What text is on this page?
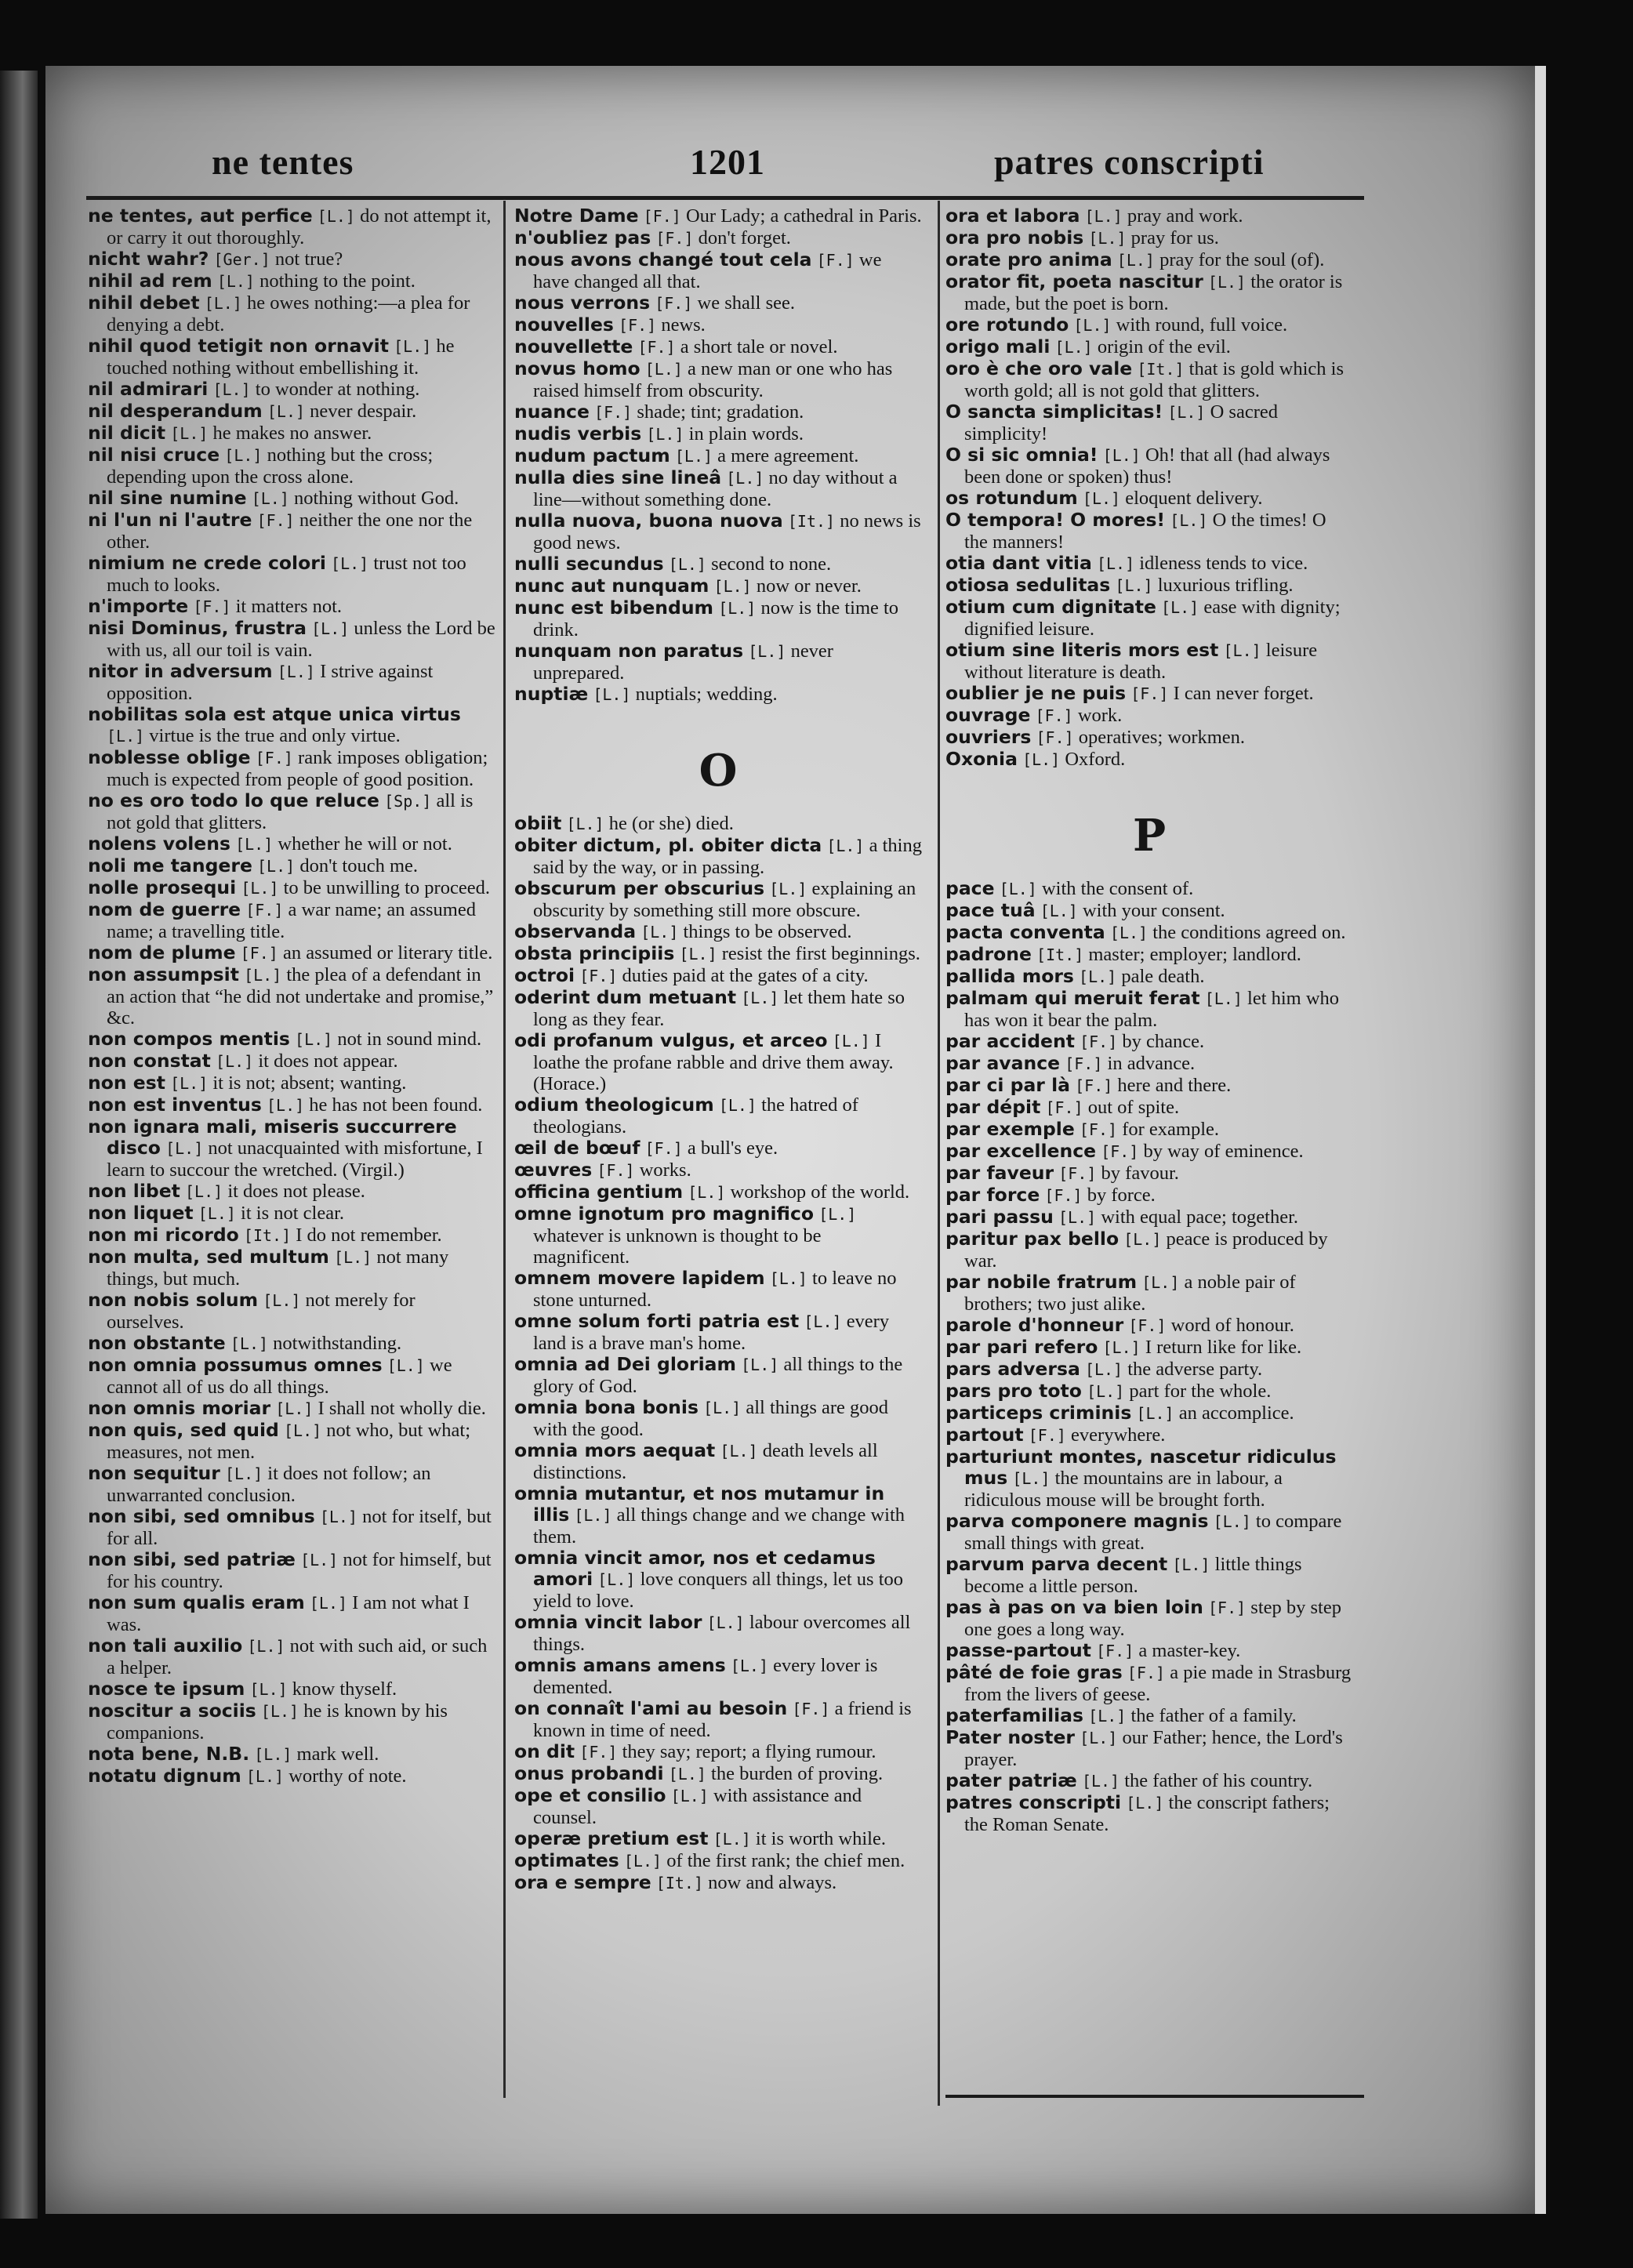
ne tentes	1201	patres conscripti

ne tentes, aut perfice [L.] do not attempt it, or carry it out thoroughly.

nicht wahr? [Ger.] not true?

nihil ad rem [L.] nothing to the point.

nihil debet [L.] he owes nothing:—a plea for denying a debt.

nihil quod tetigit non ornavit [L.] he touched nothing without embellishing it.

nil admirari [L.] to wonder at nothing.

nil desperandum [L.] never despair.

nil dicit [L.] he makes no answer.

nil nisi cruce [L.] nothing but the cross; depending upon the cross alone.

nil sine numine [L.] nothing without God.

ni l'un ni l'autre [F.] neither the one nor the other.

nimium ne crede colori [L.] trust not too much to looks.

n'importe [F.] it matters not.

nisi Dominus, frustra [L.] unless the Lord be with us, all our toil is vain.

nitor in adversum [L.] I strive against opposition.

nobilitas sola est atque unica virtus [L.] virtue is the true and only virtue.

noblesse oblige [F.] rank imposes obligation; much is expected from people of good position.

no es oro todo lo que reluce [Sp.] all is not gold that glitters.

nolens volens [L.] whether he will or not.

noli me tangere [L.] don't touch me.

nolle prosequi [L.] to be unwilling to proceed.

nom de guerre [F.] a war name; an assumed name; a travelling title.

nom de plume [F.] an assumed or literary title.

non assumpsit [L.] the plea of a defendant in an action that “he did not undertake and promise,” &c.

non compos mentis [L.] not in sound mind.

non constat [L.] it does not appear.

non est [L.] it is not; absent; wanting.

non est inventus [L.] he has not been found.

non ignara mali, miseris succurrere disco [L.] not unacquainted with misfortune, I learn to succour the wretched. (Virgil.)

non libet [L.] it does not please.

non liquet [L.] it is not clear.

non mi ricordo [It.] I do not remember.

non multa, sed multum [L.] not many things, but much.

non nobis solum [L.] not merely for ourselves.

non obstante [L.] notwithstanding.

non omnia possumus omnes [L.] we cannot all of us do all things.

non omnis moriar [L.] I shall not wholly die.

non quis, sed quid [L.] not who, but what; measures, not men.

non sequitur [L.] it does not follow; an unwarranted conclusion.

non sibi, sed omnibus [L.] not for itself, but for all.

non sibi, sed patriæ [L.] not for himself, but for his country.

non sum qualis eram [L.] I am not what I was.

non tali auxilio [L.] not with such aid, or such a helper.

nosce te ipsum [L.] know thyself.

noscitur a sociis [L.] he is known by his companions.

nota bene, N.B. [L.] mark well.

notatu dignum [L.] worthy of note.

Notre Dame [F.] Our Lady; a cathedral in Paris.

n'oubliez pas [F.] don't forget.

nous avons changé tout cela [F.] we have changed all that.

nous verrons [F.] we shall see.

nouvelles [F.] news.

nouvellette [F.] a short tale or novel.

novus homo [L.] a new man or one who has raised himself from obscurity.

nuance [F.] shade; tint; gradation.

nudis verbis [L.] in plain words.

nudum pactum [L.] a mere agreement.

nulla dies sine lineâ [L.] no day without a line—without something done.

nulla nuova, buona nuova [It.] no news is good news.

nulli secundus [L.] second to none.

nunc aut nunquam [L.] now or never.

nunc est bibendum [L.] now is the time to drink.

nunquam non paratus [L.] never unprepared.

nuptiæ [L.] nuptials; wedding.

O

obiit [L.] he (or she) died.

obiter dictum, pl. obiter dicta [L.] a thing said by the way, or in passing.

obscurum per obscurius [L.] explaining an obscurity by something still more obscure.

observanda [L.] things to be observed.

obsta principiis [L.] resist the first beginnings.

octroi [F.] duties paid at the gates of a city.

oderint dum metuant [L.] let them hate so long as they fear.

odi profanum vulgus, et arceo [L.] I loathe the profane rabble and drive them away. (Horace.)

odium theologicum [L.] the hatred of theologians.

œil de bœuf [F.] a bull's eye.

œuvres [F.] works.

officina gentium [L.] workshop of the world.

omne ignotum pro magnifico [L.] whatever is unknown is thought to be magnificent.

omnem movere lapidem [L.] to leave no stone unturned.

omne solum forti patria est [L.] every land is a brave man's home.

omnia ad Dei gloriam [L.] all things to the glory of God.

omnia bona bonis [L.] all things are good with the good.

omnia mors aequat [L.] death levels all distinctions.

omnia mutantur, et nos mutamur in illis [L.] all things change and we change with them.

omnia vincit amor, nos et cedamus amori [L.] love conquers all things, let us too yield to love.

omnia vincit labor [L.] labour overcomes all things.

omnis amans amens [L.] every lover is demented.

on connaît l'ami au besoin [F.] a friend is known in time of need.

on dit [F.] they say; report; a flying rumour.

onus probandi [L.] the burden of proving.

ope et consilio [L.] with assistance and counsel.

operæ pretium est [L.] it is worth while.

optimates [L.] of the first rank; the chief men.

ora e sempre [It.] now and always.

ora et labora [L.] pray and work.

ora pro nobis [L.] pray for us.

orate pro anima [L.] pray for the soul (of).

orator fit, poeta nascitur [L.] the orator is made, but the poet is born.

ore rotundo [L.] with round, full voice.

origo mali [L.] origin of the evil.

oro è che oro vale [It.] that is gold which is worth gold; all is not gold that glitters.

O sancta simplicitas! [L.] O sacred simplicity!

O si sic omnia! [L.] Oh! that all (had always been done or spoken) thus!

os rotundum [L.] eloquent delivery.

O tempora! O mores! [L.] O the times! O the manners!

otia dant vitia [L.] idleness tends to vice.

otiosa sedulitas [L.] luxurious trifling.

otium cum dignitate [L.] ease with dignity; dignified leisure.

otium sine literis mors est [L.] leisure without literature is death.

oublier je ne puis [F.] I can never forget.

ouvrage [F.] work.

ouvriers [F.] operatives; workmen.

Oxonia [L.] Oxford.

P

pace [L.] with the consent of.

pace tuâ [L.] with your consent.

pacta conventa [L.] the conditions agreed on.

padrone [It.] master; employer; landlord.

pallida mors [L.] pale death.

palmam qui meruit ferat [L.] let him who has won it bear the palm.

par accident [F.] by chance.

par avance [F.] in advance.

par ci par là [F.] here and there.

par dépit [F.] out of spite.

par exemple [F.] for example.

par excellence [F.] by way of eminence.

par faveur [F.] by favour.

par force [F.] by force.

pari passu [L.] with equal pace; together.

paritur pax bello [L.] peace is produced by war.

par nobile fratrum [L.] a noble pair of brothers; two just alike.

parole d'honneur [F.] word of honour.

par pari refero [L.] I return like for like.

pars adversa [L.] the adverse party.

pars pro toto [L.] part for the whole.

particeps criminis [L.] an accomplice.

partout [F.] everywhere.

parturiunt montes, nascetur ridiculus mus [L.] the mountains are in labour, a ridiculous mouse will be brought forth.

parva componere magnis [L.] to compare small things with great.

parvum parva decent [L.] little things become a little person.

pas à pas on va bien loin [F.] step by step one goes a long way.

passe-partout [F.] a master-key.

pâté de foie gras [F.] a pie made in Strasburg from the livers of geese.

paterfamilias [L.] the father of a family.

Pater noster [L.] our Father; hence, the Lord's prayer.

pater patriæ [L.] the father of his country.

patres conscripti [L.] the conscript fathers; the Roman Senate.
